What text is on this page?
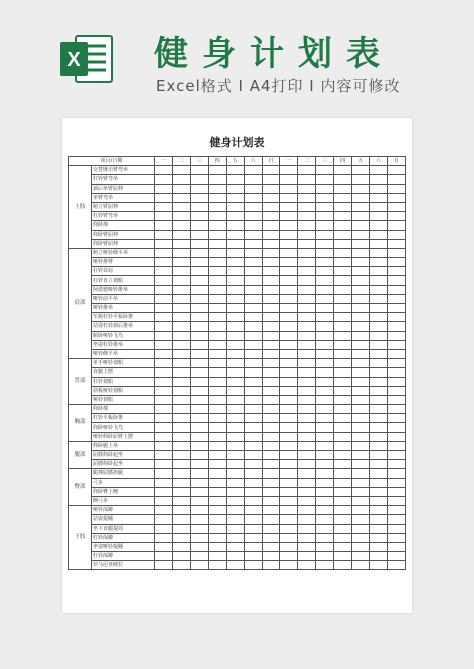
X 健身计划表
Excel格式 I A4打印 I 内容可修改
健身计划表
项目/日期		一	二	三	四	五	六	日	一	二	三	四	五	六	日
上肢	交替锤击臂弯举														
	杠铃臂弯举														
	颈后单臂屈伸														
	单臂弯举														
	俯立臂屈伸														
	杠铃臂弯举														
	仰卧撑														
	仰卧臂屈伸														
	仰卧臂屈伸														
肩部	俯立哑铃侧平举														
	哑铃推臂														
	杠铃耸肩														
	杠铃直立划船														
	阿诺德哑铃推举														
	哑铃前平举														
	哑铃推举														
	窄握杠铃平板卧推														
	站姿杠铃颈后推举														
	俯卧哑铃飞鸟														
	坐姿杠铃推举														
	哑铃侧平举														
背部	单手哑铃划船														
	直腿上摆														
	杠铃划船														
	斜板哑铃划船														
	哑铃划船														
胸部	仰卧撑														
	杠铃平板卧推														
	仰卧哑铃飞鸟														
	哑铃仰卧屈臂上摆														
腹部	仰卧腿上举														
	屈膝仰卧起坐														
	屈膝仰卧起坐														
臀部	跪撑屈膝抬腿														
	弓步														
	仰卧臀上翘														
	侧弓步														
下肢	哑铃深蹲														
	站姿提踵														
	坐下直腿提周														
	杠铃深蹲														
	坐姿哑铃提踵														
	杠铃深蹲														
	罗马尼亚硬拉														
